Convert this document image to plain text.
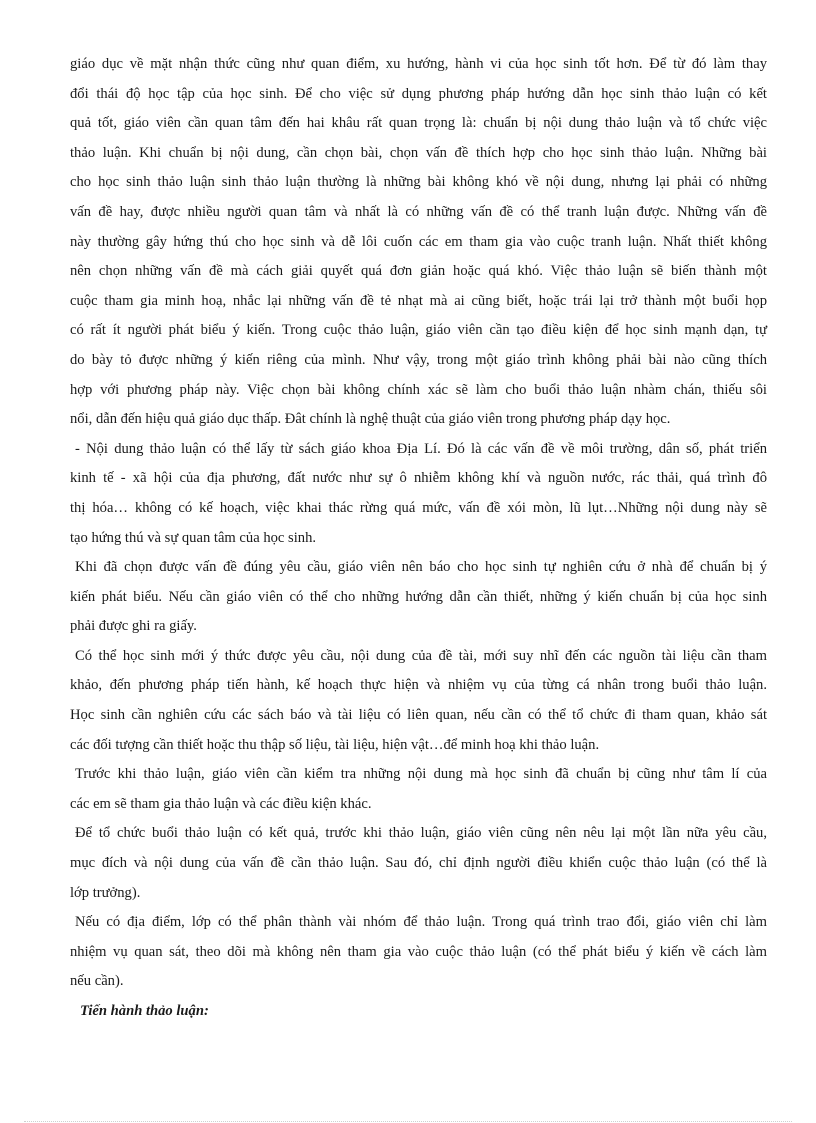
giáo dục về mặt nhận thức cũng như quan điểm, xu hướng, hành vi của học sinh tốt hơn. Để từ đó làm thay
đổi thái độ học tập của học sinh. Để cho việc sử dụng phương pháp hướng dẫn học sinh thảo luận có kết
quả tốt, giáo viên cần quan tâm đến hai khâu rất quan trọng là: chuẩn bị nội dung thảo luận và tổ chức việc
thảo luận. Khi chuẩn bị nội dung, cần chọn bài, chọn vấn đề thích hợp cho học sinh thảo luận. Những bài
cho học sinh thảo luận sinh thảo luận thường là những bài không khó về nội dung, nhưng lại phải có những
vấn đề hay, được nhiều người quan tâm và nhất là có những vấn đề có thể tranh luận được. Những vấn đề
này thường gây hứng thú cho học sinh và dễ lôi cuốn các em tham gia vào cuộc tranh luận. Nhất thiết không
nên chọn những vấn đề mà cách giải quyết quá đơn giản hoặc quá khó. Việc thảo luận sẽ biến thành một
cuộc tham gia minh hoạ, nhắc lại những vấn đề tẻ nhạt mà ai cũng biết, hoặc trái lại trở thành một buổi họp
có rất ít người phát biểu ý kiến. Trong cuộc thảo luận, giáo viên cần tạo điều kiện để học sinh mạnh dạn, tự
do bày tỏ được những ý kiến riêng của mình. Như vậy, trong một giáo trình không phải bài nào cũng thích
hợp với phương pháp này. Việc chọn bài không chính xác sẽ làm cho buổi thảo luận nhàm chán, thiếu sôi
nổi, dẫn đến hiệu quả giáo dục thấp. Đât chính là nghệ thuật của giáo viên trong phương pháp dạy học.
- Nội dung thảo luận có thể lấy từ sách giáo khoa Địa Lí. Đó là các vấn đề về môi trường, dân số, phát triển
kinh tế - xã hội của địa phương, đất nước như sự ô nhiễm không khí và nguồn nước, rác thải, quá trình đô
thị hóa… không có kế hoạch, việc khai thác rừng quá mức, vấn đề xói mòn, lũ lụt…Những nội dung này sẽ
tạo hứng thú và sự quan tâm của học sinh.
Khi đã chọn được vấn đề đúng yêu cầu, giáo viên nên báo cho học sinh tự nghiên cứu ở nhà để chuẩn bị ý
kiến phát biểu. Nếu cần giáo viên có thể cho những hướng dẫn cần thiết, những ý kiến chuẩn bị của học sinh
phải được ghi ra giấy.
Có thể học sinh mới ý thức được yêu cầu, nội dung của đề tài, mới suy nhĩ đến các nguồn tài liệu cần tham
khảo, đến phương pháp tiến hành, kế hoạch thực hiện và nhiệm vụ của từng cá nhân trong buổi thảo luận.
Học sinh cần nghiên cứu các sách báo và tài liệu có liên quan, nếu cần có thể tổ chức đi tham quan, khảo sát
các đối tượng cần thiết hoặc thu thập số liệu, tài liệu, hiện vật…để minh hoạ khi thảo luận.
Trước khi thảo luận, giáo viên cần kiểm tra những nội dung mà học sinh đã chuẩn bị cũng như tâm lí của
các em sẽ tham gia thảo luận và các điều kiện khác.
Để tổ chức buổi thảo luận có kết quả, trước khi thảo luận, giáo viên cũng nên nêu lại một lần nữa yêu cầu,
mục đích và nội dung của vấn đề cần thảo luận. Sau đó, chỉ định người điều khiển cuộc thảo luận (có thể là
lớp trưởng).
Nếu có địa điểm, lớp có thể phân thành vài nhóm để thảo luận. Trong quá trình trao đổi, giáo viên chỉ làm
nhiệm vụ quan sát, theo dõi mà không nên tham gia vào cuộc thảo luận (có thể phát biểu ý kiến về cách làm
nếu cần).
Tiến hành thảo luận:
